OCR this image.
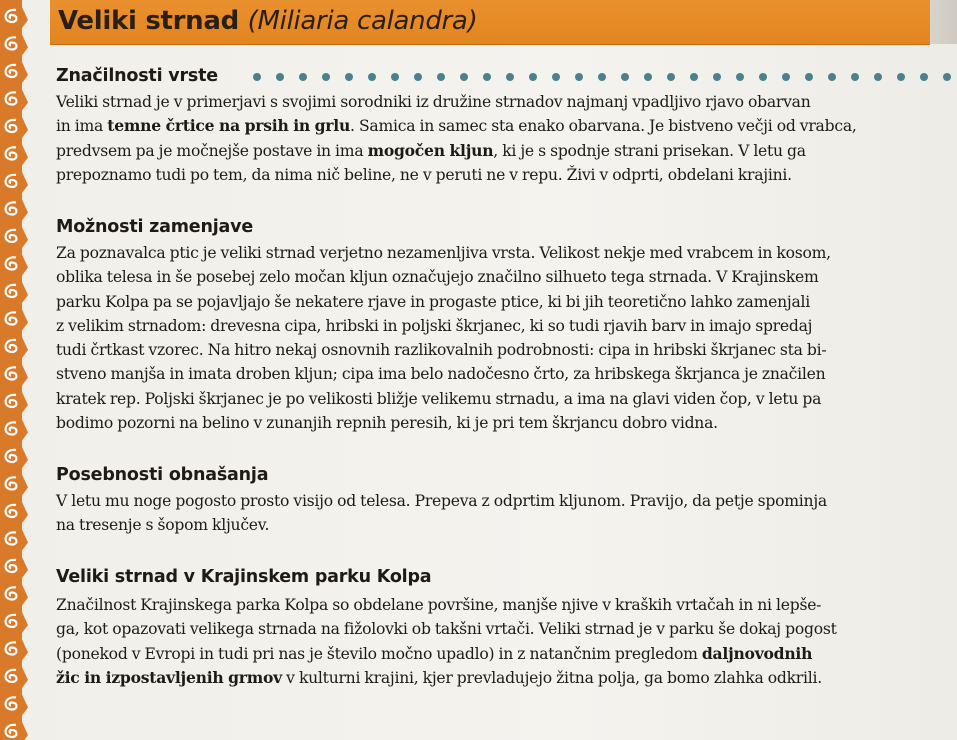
Veliki strnad (Miliaria calandra)
Značilnosti vrste

Veliki strnad je v primerjavi s svojimi sorodniki iz družine strnadov najmanj vpadljivo rjavo obarvan
in ima temne črtice na prsih in grlu. Samica in samec sta enako obarvana. Je bistveno večji od vrabca,
predvsem pa je močnejše postave in ima mogočen kljun, ki je s spodnje strani prisekan. V letu ga
prepoznamo tudi po tem, da nima nič beline, ne v peruti ne v repu. Živi v odprti, obdelani krajini.

Možnosti zamenjave

Za poznavalca ptic je veliki strnad verjetno nezamenljiva vrsta. Velikost nekje med vrabcem in kosom,
oblika telesa in še posebej zelo močan kljun označujejo značilno silhueto tega strnada. V Krajinskem
parku Kolpa pa se pojavljajo še nekatere rjave in progaste ptice, ki bi jih teoretično lahko zamenjali
z velikim strnadom: drevesna cipa, hribski in poljski škrjanec, ki so tudi rjavih barv in imajo spredaj
tudi črtkast vzorec. Na hitro nekaj osnovnih razlikovalnih podrobnosti: cipa in hribski škrjanec sta bi-
stveno manjša in imata droben kljun; cipa ima belo nadočesno črto, za hribskega škrjanca je značilen
kratek rep. Poljski škrjanec je po velikosti bližje velikemu strnadu, a ima na glavi viden čop, v letu pa
bodimo pozorni na belino v zunanjih repnih peresih, ki je pri tem škrjancu dobro vidna.

Posebnosti obnašanja

V letu mu noge pogosto prosto visijo od telesa. Prepeva z odprtim kljunom. Pravijo, da petje spominja
na tresenje s šopom ključev.

Veliki strnad v Krajinskem parku Kolpa

Značilnost Krajinskega parka Kolpa so obdelane površine, manjše njive v kraških vrtačah in ni lepše-
ga, kot opazovati velikega strnada na fižolovki ob takšni vrtači. Veliki strnad je v parku še dokaj pogost
(ponekod v Evropi in tudi pri nas je število močno upadlo) in z natančnim pregledom daljnovodnih
žic in izpostavljenih grmov v kulturni krajini, kjer prevladujejo žitna polja, ga bomo zlahka odkrili.
